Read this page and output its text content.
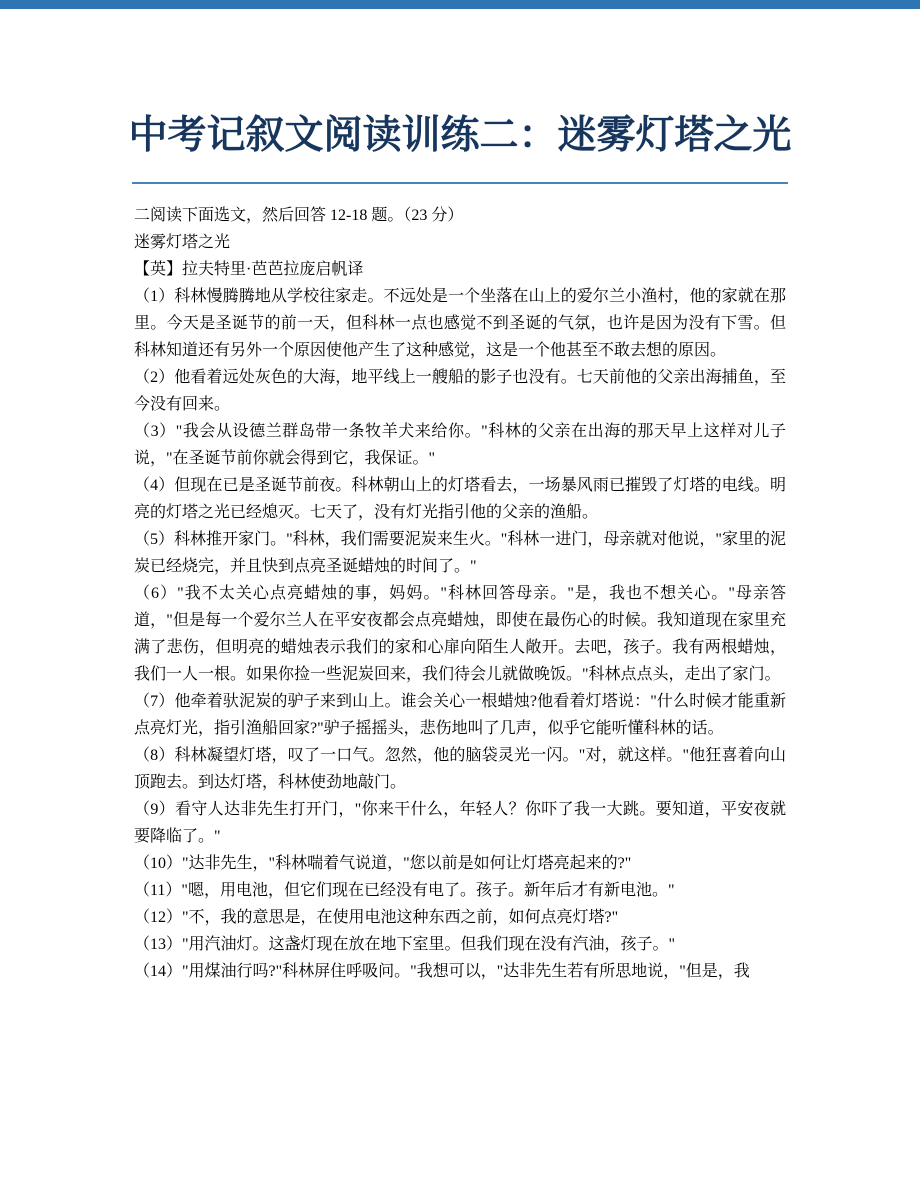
中考记叙文阅读训练二：迷雾灯塔之光

二阅读下面选文，然后回答 12-18 题。（23 分）

迷雾灯塔之光

【英】拉夫特里·芭芭拉庞启帆译

（1）科林慢腾腾地从学校往家走。不远处是一个坐落在山上的爱尔兰小渔村，他的家就在那里。今天是圣诞节的前一天，但科林一点也感觉不到圣诞的气氛，也许是因为没有下雪。但科林知道还有另外一个原因使他产生了这种感觉，这是一个他甚至不敢去想的原因。

（2）他看着远处灰色的大海，地平线上一艘船的影子也没有。七天前他的父亲出海捕鱼，至今没有回来。

（3）"我会从设德兰群岛带一条牧羊犬来给你。"科林的父亲在出海的那天早上这样对儿子说，"在圣诞节前你就会得到它，我保证。"

（4）但现在已是圣诞节前夜。科林朝山上的灯塔看去，一场暴风雨已摧毁了灯塔的电线。明亮的灯塔之光已经熄灭。七天了，没有灯光指引他的父亲的渔船。

（5）科林推开家门。"科林，我们需要泥炭来生火。"科林一进门，母亲就对他说，"家里的泥炭已经烧完，并且快到点亮圣诞蜡烛的时间了。"

（6）"我不太关心点亮蜡烛的事，妈妈。"科林回答母亲。"是，我也不想关心。"母亲答道，"但是每一个爱尔兰人在平安夜都会点亮蜡烛，即使在最伤心的时候。我知道现在家里充满了悲伤，但明亮的蜡烛表示我们的家和心扉向陌生人敞开。去吧，孩子。我有两根蜡烛，我们一人一根。如果你捡一些泥炭回来，我们待会儿就做晚饭。"科林点点头，走出了家门。

（7）他牵着驮泥炭的驴子来到山上。谁会关心一根蜡烛?他看着灯塔说："什么时候才能重新点亮灯光，指引渔船回家?"驴子摇摇头，悲伤地叫了几声，似乎它能听懂科林的话。

（8）科林凝望灯塔，叹了一口气。忽然，他的脑袋灵光一闪。"对，就这样。"他狂喜着向山顶跑去。到达灯塔，科林使劲地敲门。

（9）看守人达非先生打开门，"你来干什么，年轻人？你吓了我一大跳。要知道，平安夜就要降临了。"

（10）"达非先生，"科林喘着气说道，"您以前是如何让灯塔亮起来的?"

（11）"嗯，用电池，但它们现在已经没有电了。孩子。新年后才有新电池。"

（12）"不，我的意思是，在使用电池这种东西之前，如何点亮灯塔?"

（13）"用汽油灯。这盏灯现在放在地下室里。但我们现在没有汽油，孩子。"

（14）"用煤油行吗?"科林屏住呼吸问。"我想可以，"达非先生若有所思地说，"但是，我
